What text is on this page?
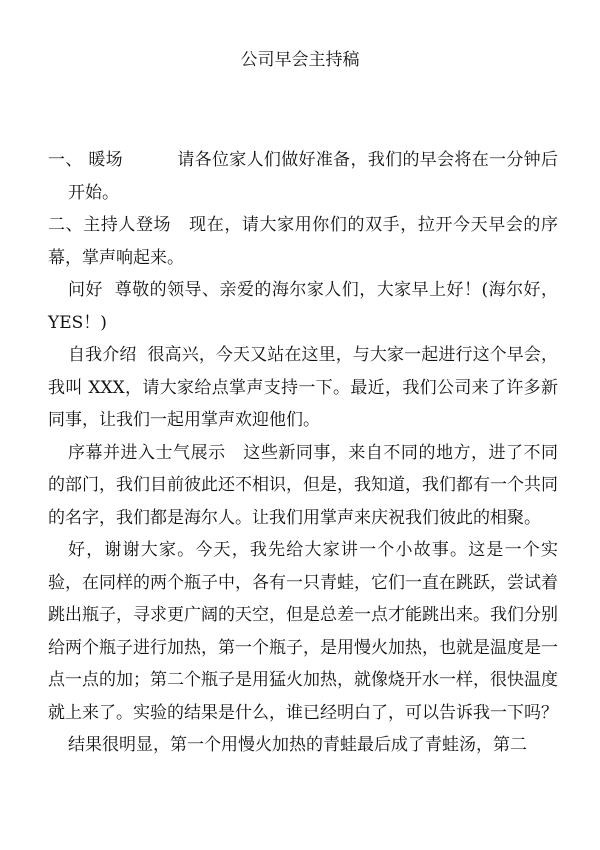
公司早会主持稿

一、 暖场	请各位家人们做好准备，我们的早会将在一分钟后开始。

二、主持人登场 现在，请大家用你们的双手，拉开今天早会的序幕，掌声响起来。

问好 尊敬的领导、亲爱的海尔家人们，大家早上好！(海尔好，YES！)

自我介绍 很高兴，今天又站在这里，与大家一起进行这个早会，我叫 XXX，请大家给点掌声支持一下。最近，我们公司来了许多新同事，让我们一起用掌声欢迎他们。

序幕并进入士气展示 这些新同事，来自不同的地方，进了不同的部门，我们目前彼此还不相识，但是，我知道，我们都有一个共同的名字，我们都是海尔人。让我们用掌声来庆祝我们彼此的相聚。

好，谢谢大家。今天，我先给大家讲一个小故事。这是一个实验，在同样的两个瓶子中，各有一只青蛙，它们一直在跳跃，尝试着跳出瓶子，寻求更广阔的天空，但是总差一点才能跳出来。我们分别给两个瓶子进行加热，第一个瓶子，是用慢火加热，也就是温度是一点一点的加；第二个瓶子是用猛火加热，就像烧开水一样，很快温度就上来了。实验的结果是什么，谁已经明白了，可以告诉我一下吗？

结果很明显，第一个用慢火加热的青蛙最后成了青蛙汤，第二
